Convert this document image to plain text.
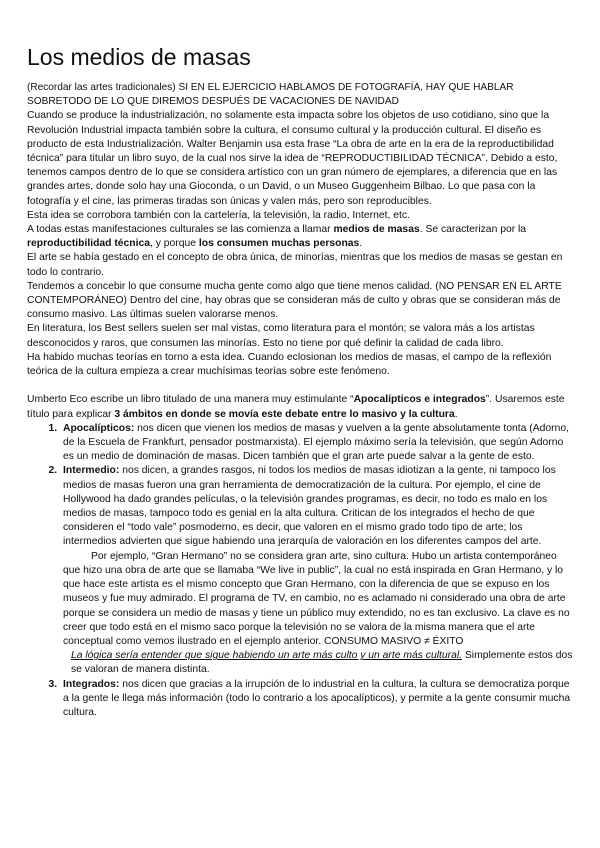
Los medios de masas

(Recordar las artes tradicionales) SI EN EL EJERCICIO HABLAMOS DE FOTOGRAFÍA, HAY QUE HABLAR SOBRETODO DE LO QUE DIREMOS DESPUÉS DE VACACIONES DE NAVIDAD

Cuando se produce la industrialización, no solamente esta impacta sobre los objetos de uso cotidiano, sino que la Revolución Industrial impacta también sobre la cultura, el consumo cultural y la producción cultural. El diseño es producto de esta Industrialización. Walter Benjamin usa esta frase “La obra de arte en la era de la reproductibilidad técnica” para titular un libro suyo, de la cual nos sirve la idea de “REPRODUCTIBILIDAD TÉCNICA”. Debido a esto, tenemos campos dentro de lo que se considera artístico con un gran número de ejemplares, a diferencia que en las grandes artes, donde solo hay una Gioconda, o un David, o un Museo Guggenheim Bilbao. Lo que pasa con la fotografía y el cine, las primeras tiradas son únicas y valen más, pero son reproducibles.

Esta idea se corrobora también con la cartelería, la televisión, la radio, Internet, etc.

A todas estas manifestaciones culturales se las comienza a llamar medios de masas. Se caracterizan por la reproductibilidad técnica, y porque los consumen muchas personas.

El arte se había gestado en el concepto de obra única, de minorías, mientras que los medios de masas se gestan en todo lo contrario.

Tendemos a concebir lo que consume mucha gente como algo que tiene menos calidad. (NO PENSAR EN EL ARTE CONTEMPORÁNEO) Dentro del cine, hay obras que se consideran más de culto y obras que se consideran más de consumo masivo. Las últimas suelen valorarse menos.

En literatura, los Best sellers suelen ser mal vistas, como literatura para el montón; se valora más a los artistas desconocidos y raros, que consumen las minorías. Esto no tiene por qué definir la calidad de cada libro.

Ha habido muchas teorías en torno a esta idea. Cuando eclosionan los medios de masas, el campo de la reflexión teórica de la cultura empieza a crear muchísimas teorías sobre este fenómeno.

Umberto Eco escribe un libro titulado de una manera muy estimulante “Apocalípticos e integrados”. Usaremos este título para explicar 3 ámbitos en donde se movía este debate entre lo masivo y la cultura.

1. Apocalípticos: nos dicen que vienen los medios de masas y vuelven a la gente absolutamente tonta (Adorno, de la Escuela de Frankfurt, pensador postmarxista). El ejemplo máximo sería la televisión, que según Adorno es un medio de dominación de masas. Dicen también que el gran arte puede salvar a la gente de esto.
2. Intermedio: nos dicen, a grandes rasgos, ni todos los medios de masas idiotizan a la gente, ni tampoco los medios de masas fueron una gran herramienta de democratización de la cultura. Por ejemplo, el cine de Hollywood ha dado grandes películas, o la televisión grandes programas, es decir, no todo es malo en los medios de masas, tampoco todo es genial en la alta cultura. Critican de los integrados el hecho de que consideren el “todo vale” posmoderno, es decir, que valoren en el mismo grado todo tipo de arte; los intermedios advierten que sigue habiendo una jerarquía de valoración en los diferentes campos del arte.
Por ejemplo, “Gran Hermano” no se considera gran arte, sino cultura. Hubo un artista contemporáneo que hizo una obra de arte que se llamaba “We live in public”, la cual no está inspirada en Gran Hermano, y lo que hace este artista es el mismo concepto que Gran Hermano, con la diferencia de que se expuso en los museos y fue muy admirado. El programa de TV, en cambio, no es aclamado ni considerado una obra de arte porque se considera un medio de masas y tiene un público muy extendido, no es tan exclusivo. La clave es no creer que todo está en el mismo saco porque la televisión no se valora de la misma manera que el arte conceptual como vemos ilustrado en el ejemplo anterior. CONSUMO MASIVO ≠ ÉXITO
La lógica sería entender que sigue habiendo un arte más culto y un arte más cultural. Simplemente estos dos se valoran de manera distinta.
3. Integrados: nos dicen que gracias a la irrupción de lo industrial en la cultura, la cultura se democratiza porque a la gente le llega más información (todo lo contrario a los apocalípticos), y permite a la gente consumir mucha cultura.
